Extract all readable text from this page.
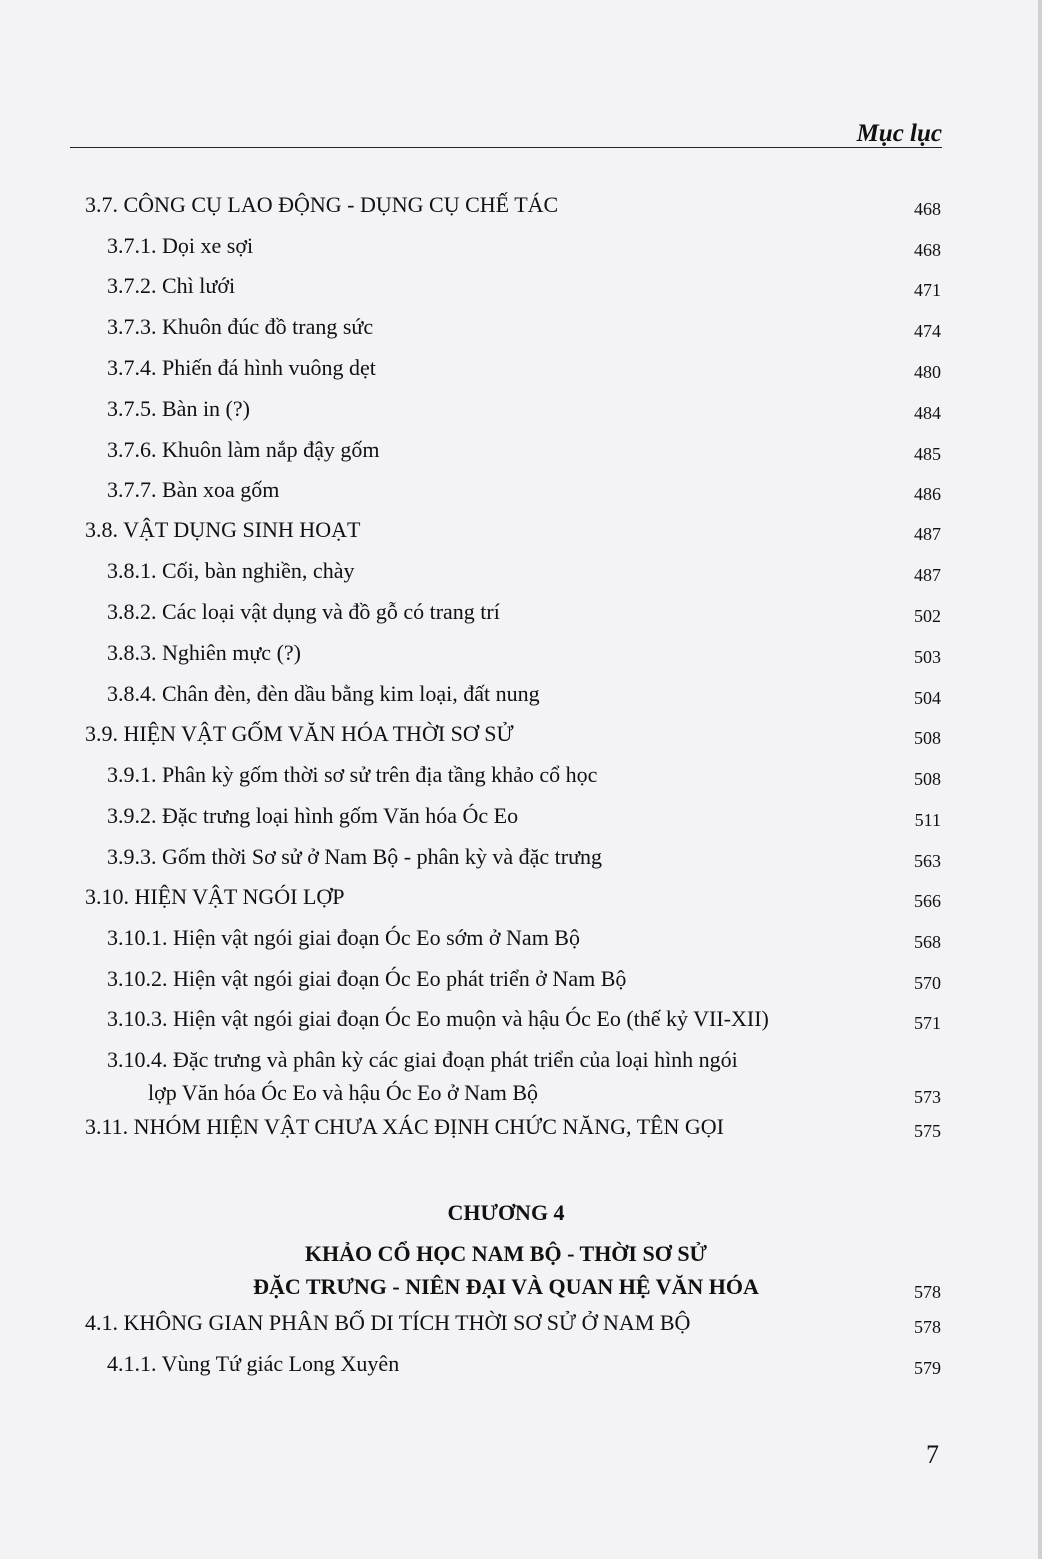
Mục lục
3.7. CÔNG CỤ LAO ĐỘNG - DỤNG CỤ CHẾ TÁC	468
3.7.1. Dọi xe sợi	468
3.7.2. Chì lưới	471
3.7.3. Khuôn đúc đồ trang sức	474
3.7.4. Phiến đá hình vuông dẹt	480
3.7.5. Bàn in (?)	484
3.7.6. Khuôn làm nắp đậy gốm	485
3.7.7. Bàn xoa gốm	486
3.8. VẬT DỤNG SINH HOẠT	487
3.8.1. Cối, bàn nghiền, chày	487
3.8.2. Các loại vật dụng và đồ gỗ có trang trí	502
3.8.3. Nghiên mực (?)	503
3.8.4. Chân đèn, đèn dầu bằng kim loại, đất nung	504
3.9. HIỆN VẬT GỐM VĂN HÓA THỜI SƠ SỬ	508
3.9.1. Phân kỳ gốm thời sơ sử trên địa tầng khảo cổ học	508
3.9.2. Đặc trưng loại hình gốm Văn hóa Óc Eo	511
3.9.3. Gốm thời Sơ sử ở Nam Bộ - phân kỳ và đặc trưng	563
3.10. HIỆN VẬT NGÓI LỢP	566
3.10.1. Hiện vật ngói giai đoạn Óc Eo sớm ở Nam Bộ	568
3.10.2. Hiện vật ngói giai đoạn Óc Eo phát triển ở Nam Bộ	570
3.10.3. Hiện vật ngói giai đoạn Óc Eo muộn và hậu Óc Eo (thế kỷ VII-XII)	571
3.10.4. Đặc trưng và phân kỳ các giai đoạn phát triển của loại hình ngói
lợp Văn hóa Óc Eo và hậu Óc Eo ở Nam Bộ	573
3.11. NHÓM HIỆN VẬT CHƯA XÁC ĐỊNH CHỨC NĂNG, TÊN GỌI	575
CHƯƠNG 4
KHẢO CỔ HỌC NAM BỘ - THỜI SƠ SỬ
ĐẶC TRƯNG - NIÊN ĐẠI VÀ QUAN HỆ VĂN HÓA	578
4.1. KHÔNG GIAN PHÂN BỐ DI TÍCH THỜI SƠ SỬ Ở NAM BỘ	578
4.1.1. Vùng Tứ giác Long Xuyên	579
7
